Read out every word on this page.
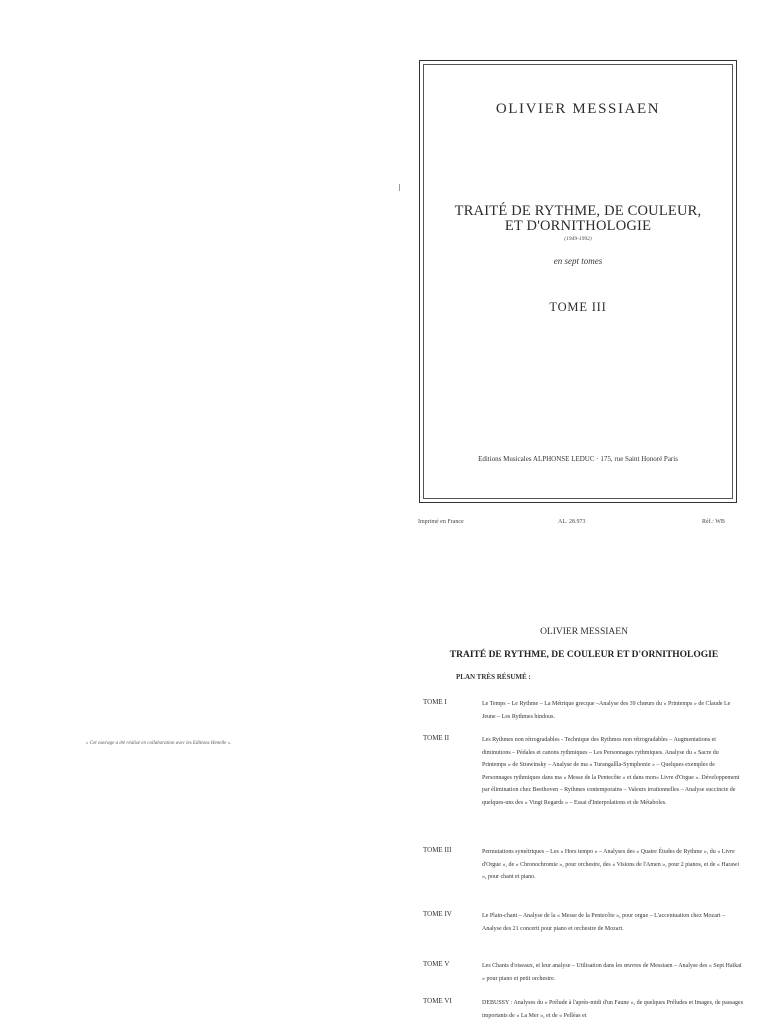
OLIVIER MESSIAEN
TRAITÉ DE RYTHME, DE COULEUR,
ET D'ORNITHOLOGIE
(1949-1992)
en sept tomes
TOME III
Editions Musicales ALPHONSE LEDUC · 175, rue Saint Honoré Paris
Imprimé en France	AL. 28.973	Réf.: WB
« Cet ouvrage a été réalisé en collaboration avec les Editions Henelle ».
OLIVIER MESSIAEN
TRAITÉ DE RYTHME, DE COULEUR ET D'ORNITHOLOGIE
PLAN TRÈS RÉSUMÉ :
TOME I	Le Temps – Le Rythme – La Métrique grecque –Analyse des 39 chœurs du « Printemps » de Claude Le Jeune – Les Rythmes hindous.
TOME II	Les Rythmes non rétrogradables - Technique des Rythmes non rétrogradables – Augmentations et diminutions – Pédales et canons rythmiques – Les Personnages rythmiques. Analyse du « Sacre du Printemps » de Strawinsky – Analyse de ma « Turangalîla-Symphonie » – Quelques exemples de Personnages rythmiques dans ma « Messe de la Pentecôte » et dans mon« Livre d'Orgue ». Développement par élimination chez Beethoven – Rythmes contemporains – Valeurs irrationnelles – Analyse succincte de quelques-uns des « Vingt Regards » – Essai d'Interpolations et de Métaboles.
TOME III	Permutations symétriques – Les « Hors tempo » – Analyses des « Quatre Études de Rythme », du « Livre d'Orgue », de « Chronochromie », pour orchestre, des « Visions de l'Amen », pour 2 pianos, et de « Harawi », pour chant et piano.
TOME IV	Le Plain-chant – Analyse de la « Messe de la Pentecôte », pour orgue – L'accentuation chez Mozart – Analyse des 21 concerti pour piano et orchestre de Mozart.
TOME V	Les Chants d'oiseaux, et leur analyse – Utilisation dans les œuvres de Messiaen – Analyse des « Sept Haïkaï » pour piano et petit orchestre.
TOME VI	DEBUSSY : Analyses du « Prélude à l'après-midi d'un Faune », de quelques Préludes et Images, de passages importants de « La Mer », et de « Pelléas et
